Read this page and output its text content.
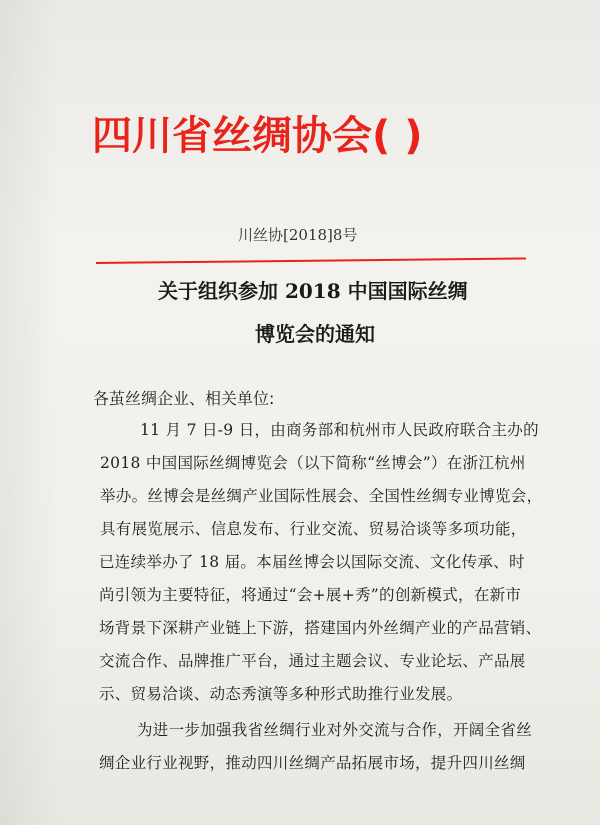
四川省丝绸协会( )
川丝协[2018]8号
关于组织参加 2018 中国国际丝绸
博览会的通知
各茧丝绸企业、相关单位:
11 月 7 日-9 日，由商务部和杭州市人民政府联合主办的
2018 中国国际丝绸博览会（以下简称“丝博会”）在浙江杭州
举办。丝博会是丝绸产业国际性展会、全国性丝绸专业博览会，
具有展览展示、信息发布、行业交流、贸易洽谈等多项功能，
已连续举办了 18 届。本届丝博会以国际交流、文化传承、时
尚引领为主要特征，将通过“会+展+秀”的创新模式，在新市
场背景下深耕产业链上下游，搭建国内外丝绸产业的产品营销、
交流合作、品牌推广平台，通过主题会议、专业论坛、产品展
示、贸易洽谈、动态秀演等多种形式助推行业发展。
为进一步加强我省丝绸行业对外交流与合作，开阔全省丝
绸企业行业视野，推动四川丝绸产品拓展市场，提升四川丝绸
